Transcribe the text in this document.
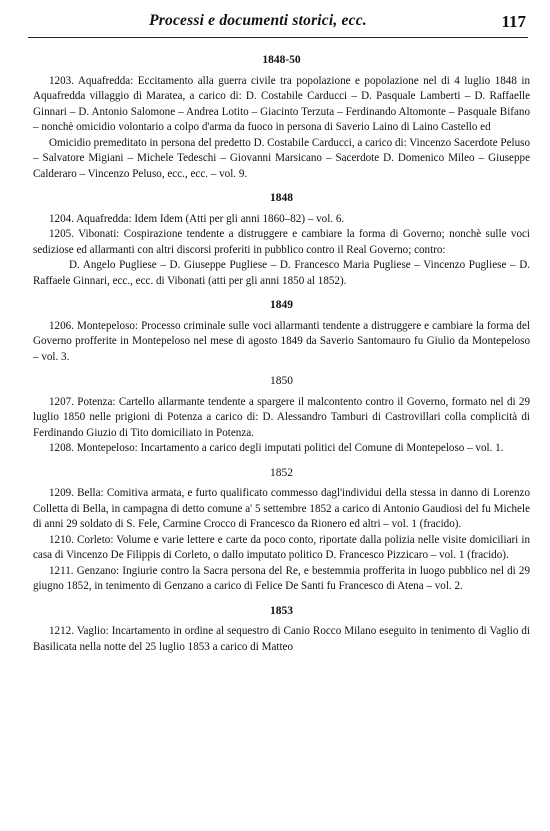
Processi e documenti storici, ecc.	117
1848-50

1203. Aquafredda: Eccitamento alla guerra civile tra popolazione e popolazione nel di 4 luglio 1848 in Aquafredda villaggio di Maratea, a carico di: D. Costabile Carducci – D. Pasquale Lamberti – D. Raffaelle Ginnari – D. Antonio Salomone – Andrea Lotito – Giacinto Terzuta – Ferdinando Altomonte – Pasquale Bifano – nonchè omicidio volontario a colpo d'arma da fuoco in persona di Saverio Laino di Laino Castello ed

Omicidio premeditato in persona del predetto D. Costabile Carducci, a carico di: Vincenzo Sacerdote Peluso – Salvatore Migiani – Michele Tedeschi – Giovanni Marsicano – Sacerdote D. Domenico Mileo – Giuseppe Calderaro – Vincenzo Peluso, ecc., ecc. – vol. 9.

1848

1204. Aquafredda: Idem Idem (Atti per gli anni 1860–82) – vol. 6.

1205. Vibonati: Cospirazione tendente a distruggere e cambiare la forma di Governo; nonchè sulle voci sediziose ed allarmanti con altri discorsi proferiti in pubblico contro il Real Governo; contro:

D. Angelo Pugliese – D. Giuseppe Pugliese – D. Francesco Maria Pugliese – Vincenzo Pugliese – D. Raffaele Ginnari, ecc., ecc. di Vibonati (atti per gli anni 1850 al 1852).

1849

1206. Montepeloso: Processo criminale sulle voci allarmanti tendente a distruggere e cambiare la forma del Governo profferite in Montepeloso nel mese di agosto 1849 da Saverio Santomauro fu Giulio da Montepeloso – vol. 3.

1850

1207. Potenza: Cartello allarmante tendente a spargere il malcontento contro il Governo, formato nel di 29 luglio 1850 nelle prigioni di Potenza a carico di: D. Alessandro Tamburi di Castrovillari colla complicità di Ferdinando Giuzio di Tito domiciliato in Potenza.

1208. Montepeloso: Incartamento a carico degli imputati politici del Comune di Montepeloso – vol. 1.

1852

1209. Bella: Comitiva armata, e furto qualificato commesso dagl'individui della stessa in danno di Lorenzo Colletta di Bella, in campagna di detto comune a' 5 settembre 1852 a carico di Antonio Gaudiosi del fu Michele di anni 29 soldato di S. Fele, Carmine Crocco di Francesco da Rionero ed altri – vol. 1 (fracido).

1210. Corleto: Volume e varie lettere e carte da poco conto, riportate dalla polizia nelle visite domiciliari in casa di Vincenzo De Filippis di Corleto, o dallo imputato politico D. Francesco Pizzicaro – vol. 1 (fracido).

1211. Genzano: Ingiurie contro la Sacra persona del Re, e bestemmia profferita in luogo pubblico nel di 29 giugno 1852, in tenimento di Genzano a carico di Felice De Santi fu Francesco di Atena – vol. 2.

1853

1212. Vaglio: Incartamento in ordine al sequestro di Canio Rocco Milano eseguito in tenimento di Vaglio di Basilicata nella notte del 25 luglio 1853 a carico di Matteo
